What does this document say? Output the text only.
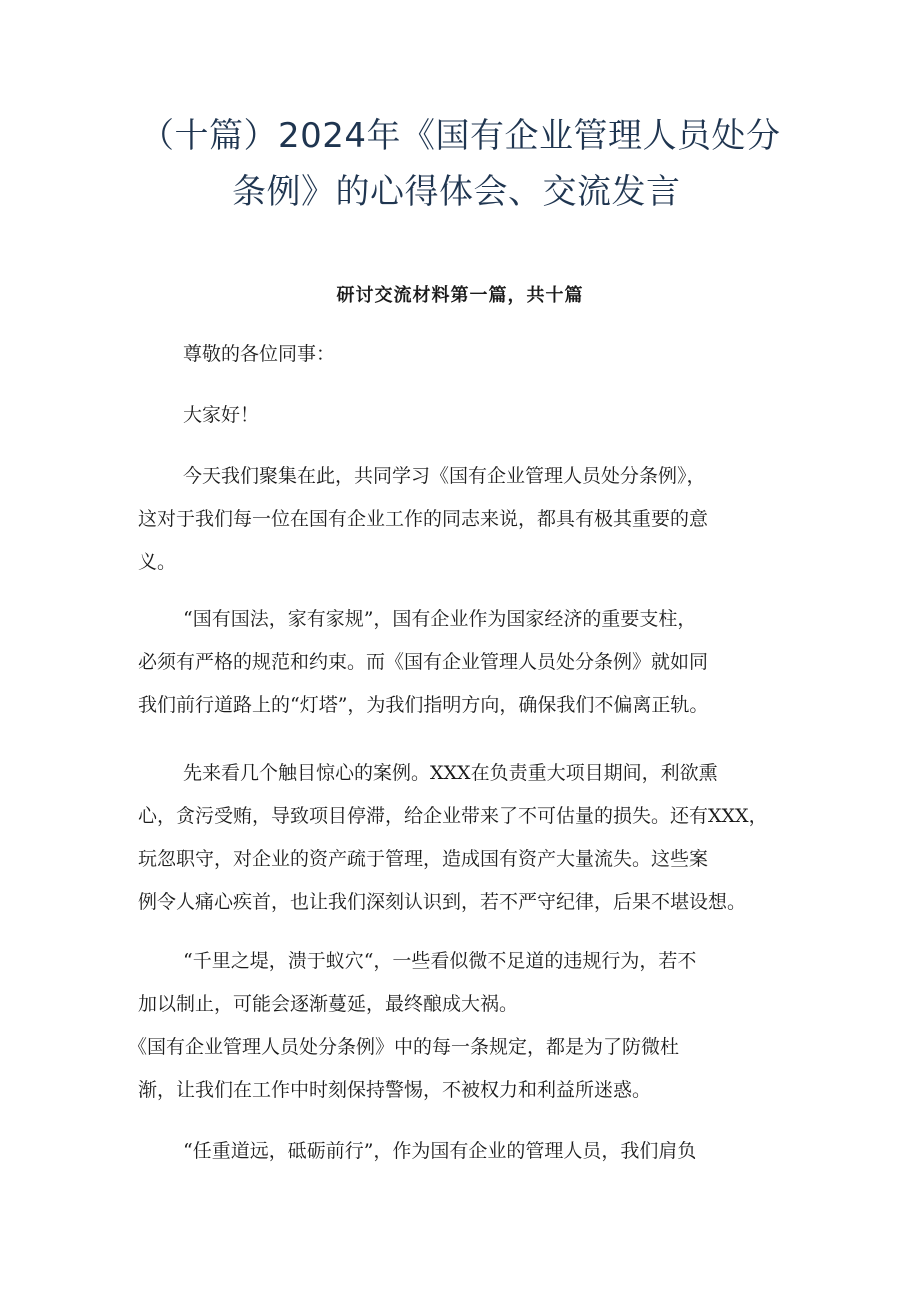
（十篇）2024年《国有企业管理人员处分
条例》的心得体会、交流发言
研讨交流材料第一篇，共十篇
尊敬的各位同事：
大家好！
今天我们聚集在此，共同学习《国有企业管理人员处分条例》，
这对于我们每一位在国有企业工作的同志来说，都具有极其重要的意
义。
“国有国法，家有家规”，国有企业作为国家经济的重要支柱，
必须有严格的规范和约束。而《国有企业管理人员处分条例》就如同
我们前行道路上的“灯塔”，为我们指明方向，确保我们不偏离正轨。
先来看几个触目惊心的案例。XXX在负责重大项目期间，利欲熏
心，贪污受贿，导致项目停滞，给企业带来了不可估量的损失。还有XXX，
玩忽职守，对企业的资产疏于管理，造成国有资产大量流失。这些案
例令人痛心疾首，也让我们深刻认识到，若不严守纪律，后果不堪设想。
“千里之堤，溃于蚁穴“，一些看似微不足道的违规行为，若不
加以制止，可能会逐渐蔓延，最终酿成大祸。
《国有企业管理人员处分条例》中的每一条规定，都是为了防微杜
渐，让我们在工作中时刻保持警惕，不被权力和利益所迷惑。
“任重道远，砥砺前行”，作为国有企业的管理人员，我们肩负
